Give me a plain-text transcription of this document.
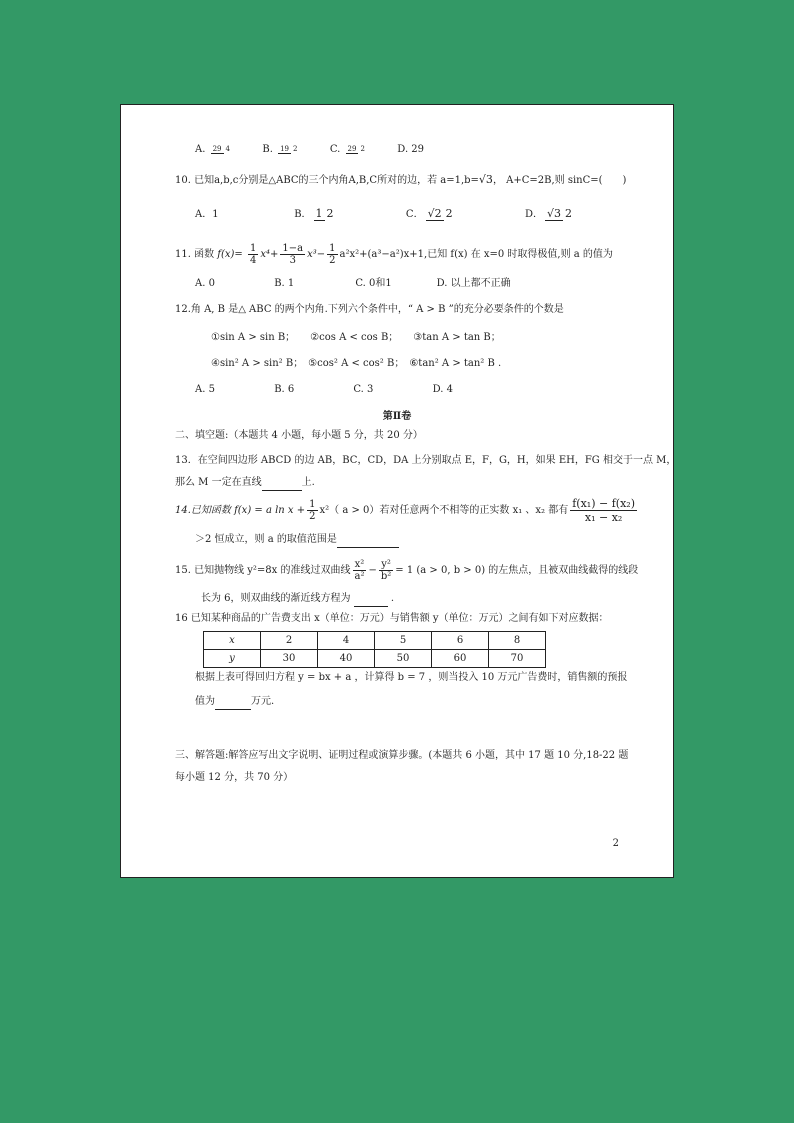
A. 29 4	B. 19 2	C. 29 2	D. 29
10. 已知a,b,c分别是△ABC的三个内角A,B,C所对的边，若 a=1,b=√3， A+C=2B,则 sinC=(　　)
A．1	B． 1 2	C． √2 2	D． √3 2
11. 函数 $f(x)= \frac{1}{4} x^4+ \frac{1-a}{3} x^3- \frac{1}{2} a^2x^2+(a^3-a^2)x+1$,已知 f(x) 在 x=0 时取得极值,则 a 的值为
A. 0	B. 1	C. 0和1	D. 以上都不正确
12.角 A, B 是△ ABC 的两个内角.下列六个条件中，“ A > B ”的充分必要条件的个数是
①sin A > sin B；　　②cos A < cos B；　　③tan A > tan B；
④sin² A > sin² B；　⑤cos² A < cos² B；　⑥tan² A > tan² B .
A. 5	B. 6	C. 3	D. 4
第Ⅱ卷
二、填空题:（本题共 4 小题，每小题 5 分，共 20 分）
13．在空间四边形 ABCD 的边 AB，BC，CD，DA 上分别取点 E，F，G，H，如果 EH，FG 相交于一点 M，
那么 M 一定在直线	上.
14.已知函数 f(x) = a $\ln x + \frac{1}{2} x^2$（ a > 0）若对任意两个不相等的正实数 x₁ 、x₂ 都有 $\frac{\text{f(x₁) − f(x₂)}}{\text{x₁ − x₂}}$
＞2 恒成立，则 a 的取值范围是
15. 已知抛物线 y²=8x 的准线过双曲线 $\frac{\text{x²}}{\text{a²}} - \frac{\text{y²}}{\text{b²}} = 1$ (a > 0, b > 0) 的左焦点，且被双曲线截得的线段
长为 6，则双曲线的渐近线方程为	.
16 已知某种商品的广告费支出 x（单位：万元）与销售额 y（单位：万元）之间有如下对应数据：
x	2	4	5	6	8
y	30	40	50	60	70
根据上表可得回归方程 y = bx + a ，计算得 b = 7 ，则当投入 10 万元广告费时，销售额的预报
值为	万元.
三、解答题:解答应写出文字说明、证明过程或演算步骤。(本题共 6 小题，其中 17 题 10 分,18-22 题
每小题 12 分，共 70 分）
2
